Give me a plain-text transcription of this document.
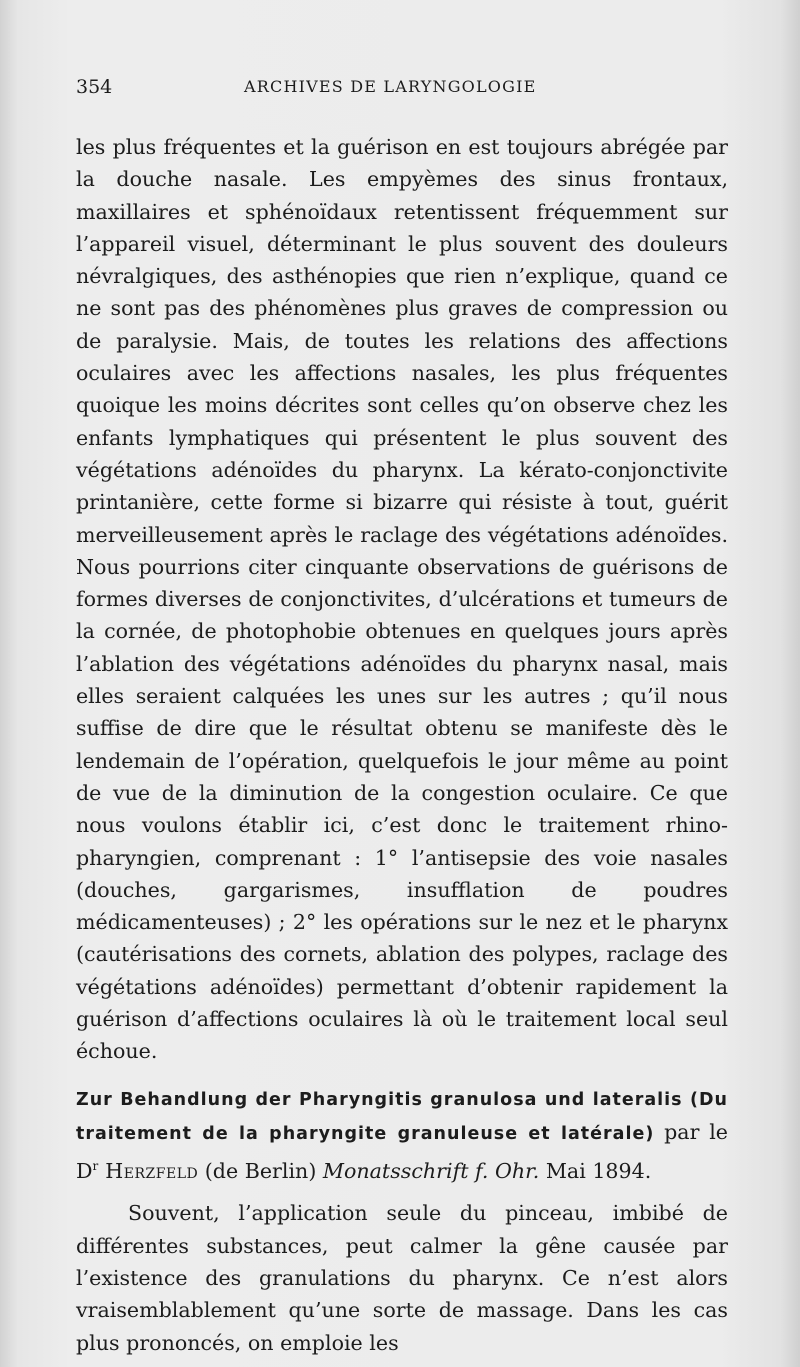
354	ARCHIVES DE LARYNGOLOGIE

les plus fréquentes et la guérison en est toujours abrégée par la douche nasale. Les empyèmes des sinus frontaux, maxillaires et sphénoïdaux retentissent fréquemment sur l’appareil visuel, déterminant le plus souvent des douleurs névralgiques, des asthénopies que rien n’explique, quand ce ne sont pas des phénomènes plus graves de compression ou de paralysie. Mais, de toutes les relations des affections oculaires avec les affections nasales, les plus fréquentes quoique les moins décrites sont celles qu’on observe chez les enfants lymphatiques qui présentent le plus souvent des végétations adénoïdes du pharynx. La kérato-conjonctivite printanière, cette forme si bizarre qui résiste à tout, guérit merveilleusement après le raclage des végétations adénoïdes. Nous pourrions citer cinquante observations de guérisons de formes diverses de conjonctivites, d’ulcérations et tumeurs de la cornée, de photophobie obtenues en quelques jours après l’ablation des végétations adénoïdes du pharynx nasal, mais elles seraient calquées les unes sur les autres ; qu’il nous suffise de dire que le résultat obtenu se manifeste dès le lendemain de l’opération, quelquefois le jour même au point de vue de la diminution de la congestion oculaire. Ce que nous voulons établir ici, c’est donc le traitement rhino-pharyngien, comprenant : 1° l’antisepsie des voie nasales (douches, gargarismes, insufflation de poudres médicamenteuses) ; 2° les opérations sur le nez et le pharynx (cautérisations des cornets, ablation des polypes, raclage des végétations adénoïdes) permettant d’obtenir rapidement la guérison d’affections oculaires là où le traitement local seul échoue.

Zur Behandlung der Pharyngitis granulosa und lateralis (Du traitement de la pharyngite granuleuse et latérale) par le $D^r$ Herzfeld (de Berlin) Monatsschrift f. Ohr. Mai 1894.

Souvent, l’application seule du pinceau, imbibé de différentes substances, peut calmer la gêne causée par l’existence des granulations du pharynx. Ce n’est alors vraisemblablement qu’une sorte de massage. Dans les cas plus prononcés, on emploie les
